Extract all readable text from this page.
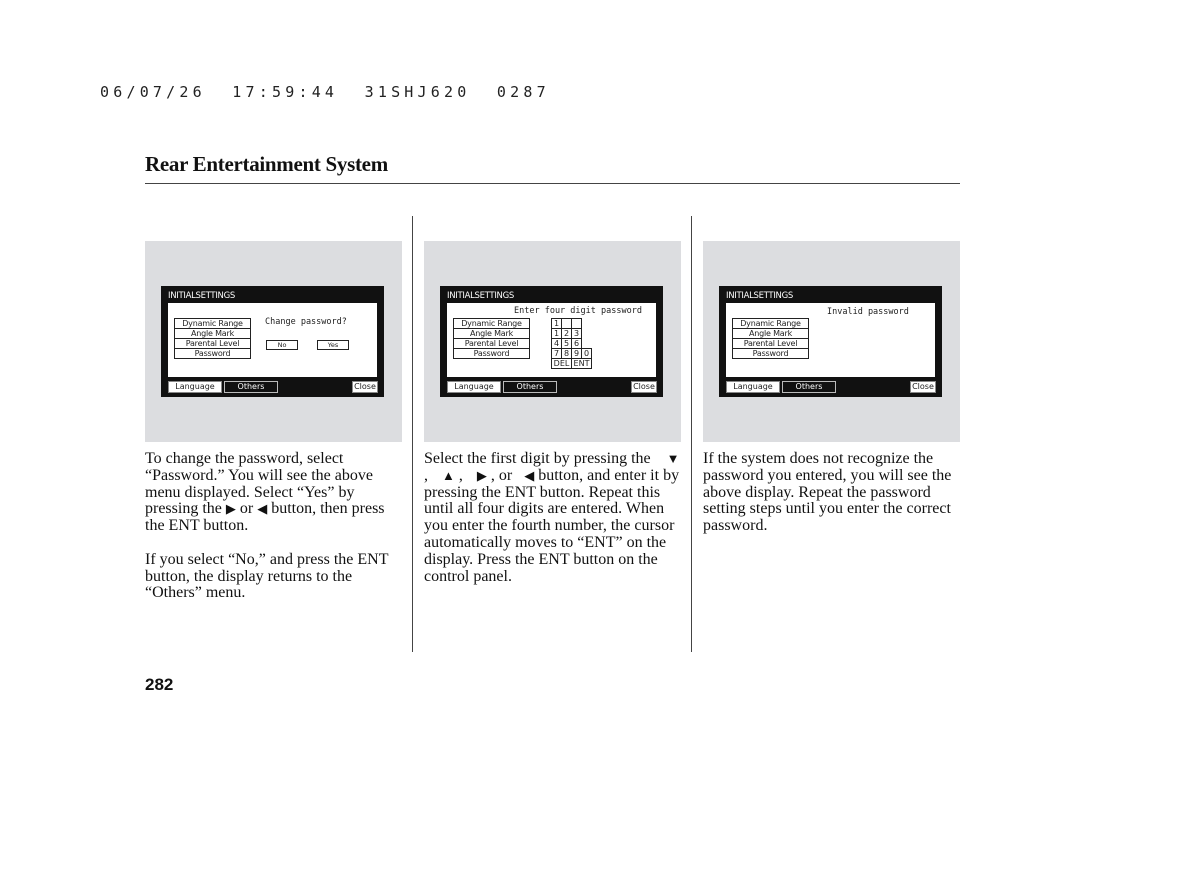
06/07/26  17:59:44  31SHJ620  0287
Rear Entertainment System
INITIALSETTINGS
Dynamic Range
Angle Mark
Parental Level
Password
Change password?
No	Yes
Language	Others	Close
INITIALSETTINGS
Enter four digit password
Dynamic Range
Angle Mark
Parental Level
Password
1			
1	2	3	
4	5	6	
7	8	9	0
DEL		ENT	
Language	Others	Close
INITIALSETTINGS
Invalid password
Dynamic Range
Angle Mark
Parental Level
Password
Language	Others	Close

To change the password, select “Password.” You will see the above menu displayed. Select “Yes” by pressing the ▶ or ◀ button, then press the ENT button.

If you select “No,” and press the ENT button, the display returns to the “Others” menu.

Select the first digit by pressing the ▼ , ▲ , ▶ , or ◀ button, and enter it by pressing the ENT button. Repeat this until all four digits are entered. When you enter the fourth number, the cursor automatically moves to “ENT” on the display. Press the ENT button on the control panel.

If the system does not recognize the password you entered, you will see the above display. Repeat the password setting steps until you enter the correct password.

282
